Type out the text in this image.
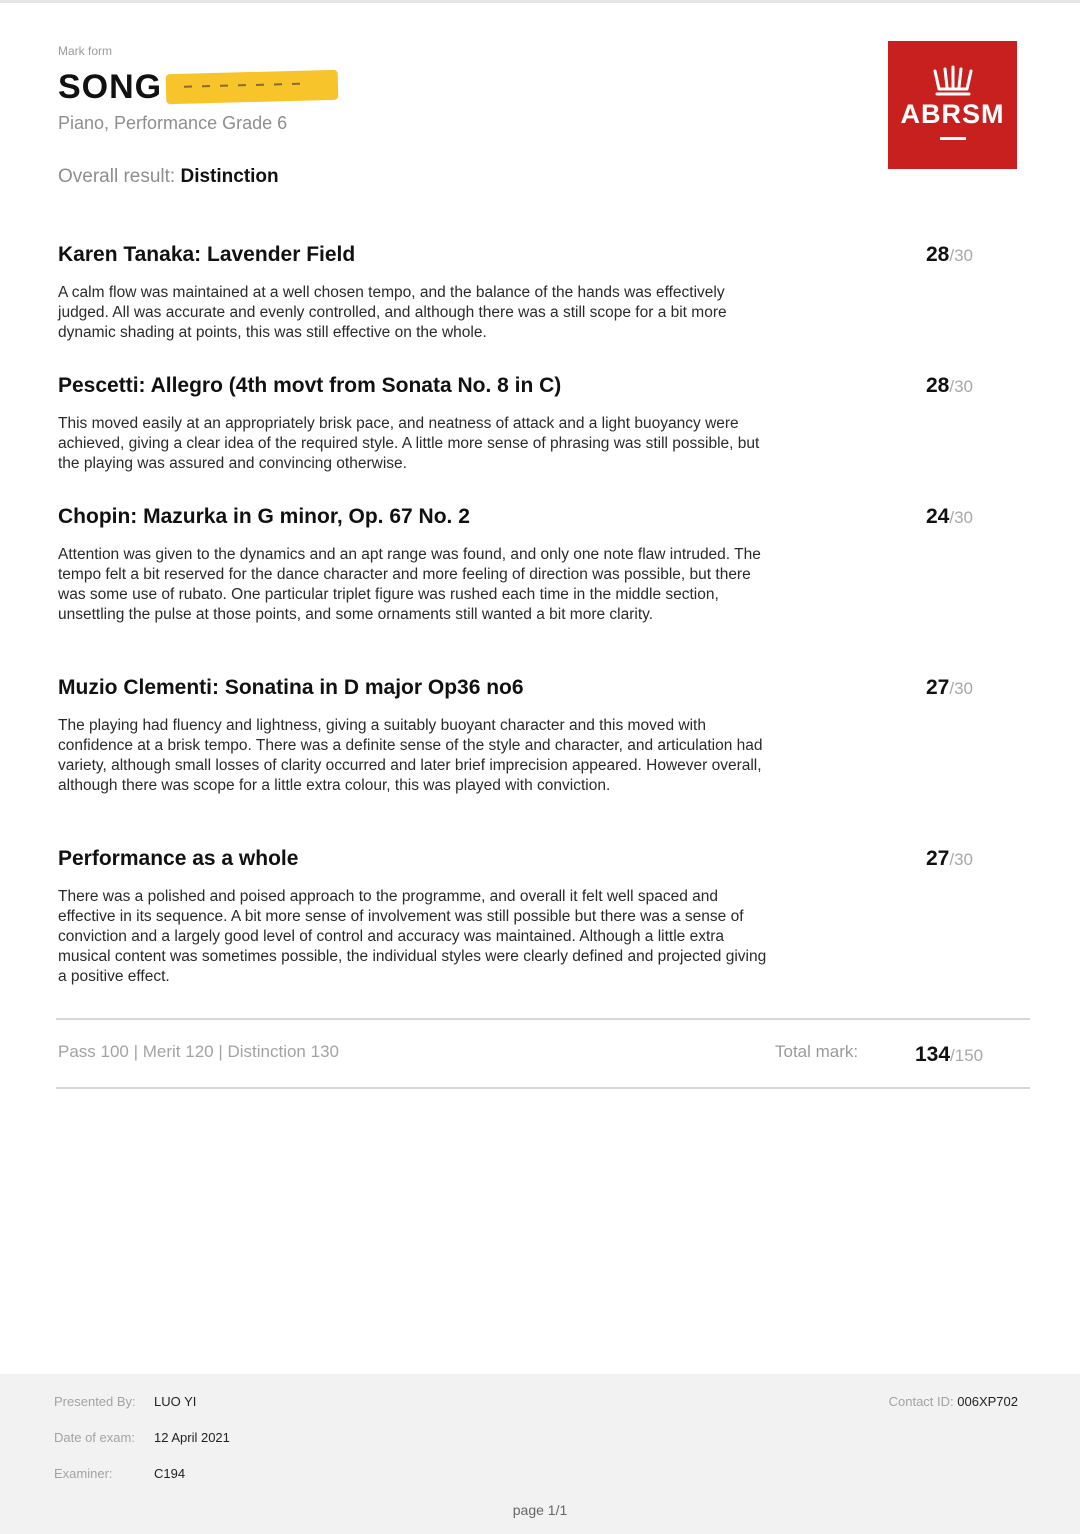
Mark form
SONG
Piano, Performance Grade 6
Overall result: Distinction
ABRSM
Karen Tanaka: Lavender Field
A calm flow was maintained at a well chosen tempo, and the balance of the hands was effectively judged. All was accurate and evenly controlled, and although there was a still scope for a bit more dynamic shading at points, this was still effective on the whole.
28/30
Pescetti: Allegro (4th movt from Sonata No. 8 in C)
This moved easily at an appropriately brisk pace, and neatness of attack and a light buoyancy were achieved, giving a clear idea of the required style. A little more sense of phrasing was still possible, but the playing was assured and convincing otherwise.
28/30
Chopin: Mazurka in G minor, Op. 67 No. 2
Attention was given to the dynamics and an apt range was found, and only one note flaw intruded. The tempo felt a bit reserved for the dance character and more feeling of direction was possible, but there was some use of rubato. One particular triplet figure was rushed each time in the middle section, unsettling the pulse at those points, and some ornaments still wanted a bit more clarity.
24/30
Muzio Clementi: Sonatina in D major Op36 no6
The playing had fluency and lightness, giving a suitably buoyant character and this moved with confidence at a brisk tempo. There was a definite sense of the style and character, and articulation had variety, although small losses of clarity occurred and later brief imprecision appeared. However overall, although there was scope for a little extra colour, this was played with conviction.
27/30
Performance as a whole
There was a polished and poised approach to the programme, and overall it felt well spaced and effective in its sequence. A bit more sense of involvement was still possible but there was a sense of conviction and a largely good level of control and accuracy was maintained. Although a little extra musical content was sometimes possible, the individual styles were clearly defined and projected giving a positive effect.
27/30
Pass 100 | Merit 120 | Distinction 130	Total mark:	134/150
Presented By: LUO YI
Date of exam: 12 April 2021
Examiner:	C194
Contact ID: 006XP702
page 1/1
